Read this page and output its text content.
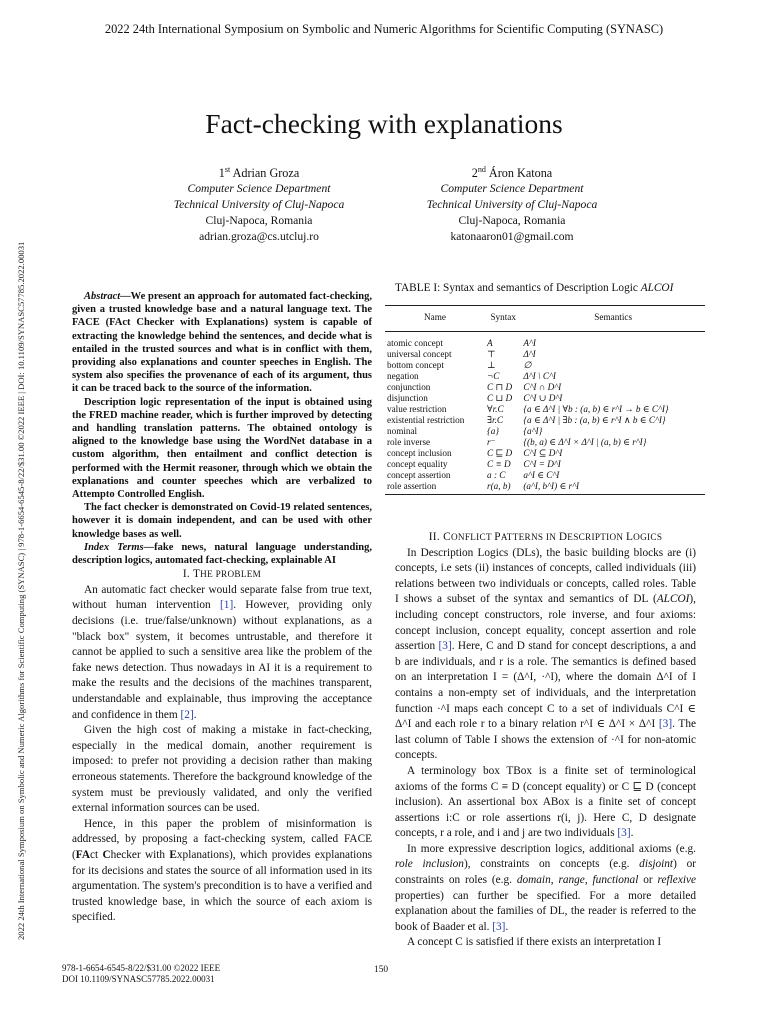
2022 24th International Symposium on Symbolic and Numeric Algorithms for Scientific Computing (SYNASC)
2022 24th International Symposium on Symbolic and Numeric Algorithms for Scientific Computing (SYNASC) | 978-1-6654-6545-8/22/$31.00 ©2022 IEEE | DOI: 10.1109/SYNASC57785.2022.00031
Fact-checking with explanations
1st Adrian Groza
Computer Science Department
Technical University of Cluj-Napoca
Cluj-Napoca, Romania
adrian.groza@cs.utcluj.ro
2nd Áron Katona
Computer Science Department
Technical University of Cluj-Napoca
Cluj-Napoca, Romania
katonaaron01@gmail.com

Abstract—We present an approach for automated fact-checking, given a trusted knowledge base and a natural language text. The FACE (FAct Checker with Explanations) system is capable of extracting the knowledge behind the sentences, and decide what is entailed in the trusted sources and what is in conflict with them, providing also explanations and counter speeches in English. The system also specifies the provenance of each of its argument, thus it can be traced back to the source of the information.

Description logic representation of the input is obtained using the FRED machine reader, which is further improved by detecting and handling translation patterns. The obtained ontology is aligned to the knowledge base using the WordNet database in a custom algorithm, then entailment and conflict detection is performed with the Hermit reasoner, through which we obtain the explanations and counter speeches which are verbalized to Attempto Controlled English.

The fact checker is demonstrated on Covid-19 related sentences, however it is domain independent, and can be used with other knowledge bases as well.

Index Terms—fake news, natural language understanding, description logics, automated fact-checking, explainable AI

I. THE PROBLEM

An automatic fact checker would separate false from true text, without human intervention [1]. However, providing only decisions (i.e. true/false/unknown) without explanations, as a "black box" system, it becomes untrustable, and therefore it cannot be applied to such a sensitive area like the problem of the fake news detection. Thus nowadays in AI it is a requirement to make the results and the decisions of the machines transparent, understandable and explainable, thus improving the acceptance and confidence in them [2].

Given the high cost of making a mistake in fact-checking, especially in the medical domain, another requirement is imposed: to prefer not providing a decision rather than making erroneous statements. Therefore the background knowledge of the system must be previously validated, and only the verified external information sources can be used.

Hence, in this paper the problem of misinformation is addressed, by proposing a fact-checking system, called FACE (FAct Checker with Explanations), which provides explanations for its decisions and states the source of all information used in its argumentation. The system's precondition is to have a verified and trusted knowledge base, in which the source of each axiom is specified.

TABLE I: Syntax and semantics of Description Logic ALCOI
Name	Syntax	Semantics
atomic concept	A	A^I
universal concept	⊤	Δ^I
bottom concept	⊥	∅
negation	¬C	Δ^I \ C^I
conjunction	C ⊓ D	C^I ∩ D^I
disjunction	C ⊔ D	C^I ∪ D^I
value restriction	∀r.C	{a ∈ Δ^I | ∀b : (a, b) ∈ r^I → b ∈ C^I}
existential restriction	∃r.C	{a ∈ Δ^I | ∃b : (a, b) ∈ r^I ∧ b ∈ C^I}
nominal	{a}	{a^I}
role inverse	r⁻	{(b, a) ∈ Δ^I × Δ^I | (a, b) ∈ r^I}
concept inclusion	C ⊑ D	C^I ⊆ D^I
concept equality	C ≡ D	C^I = D^I
concept assertion	a : C	a^I ∈ C^I
role assertion	r(a, b)	(a^I, b^I) ∈ r^I

II. CONFLICT PATTERNS IN DESCRIPTION LOGICS

In Description Logics (DLs), the basic building blocks are (i) concepts, i.e sets (ii) instances of concepts, called individuals (iii) relations between two individuals or concepts, called roles. Table I shows a subset of the syntax and semantics of DL (ALCOI), including concept constructors, role inverse, and four axioms: concept inclusion, concept equality, concept assertion and role assertion [3]. Here, C and D stand for concept descriptions, a and b are individuals, and r is a role. The semantics is defined based on an interpretation I = (Δ^I, ·^I), where the domain Δ^I of I contains a non-empty set of individuals, and the interpretation function ·^I maps each concept C to a set of individuals C^I ∈ Δ^I and each role r to a binary relation r^I ∈ Δ^I × Δ^I [3]. The last column of Table I shows the extension of ·^I for non-atomic concepts.

A terminology box TBox is a finite set of terminological axioms of the forms C ≡ D (concept equality) or C ⊑ D (concept inclusion). An assertional box ABox is a finite set of concept assertions i:C or role assertions r(i, j). Here C, D designate concepts, r a role, and i and j are two individuals [3].

In more expressive description logics, additional axioms (e.g. role inclusion), constraints on concepts (e.g. disjoint) or constraints on roles (e.g. domain, range, functional or reflexive properties) can further be specified. For a more detailed explanation about the families of DL, the reader is referred to the book of Baader et al. [3].

A concept C is satisfied if there exists an interpretation I

978-1-6654-6545-8/22/$31.00 ©2022 IEEE
DOI 10.1109/SYNASC57785.2022.00031
150
